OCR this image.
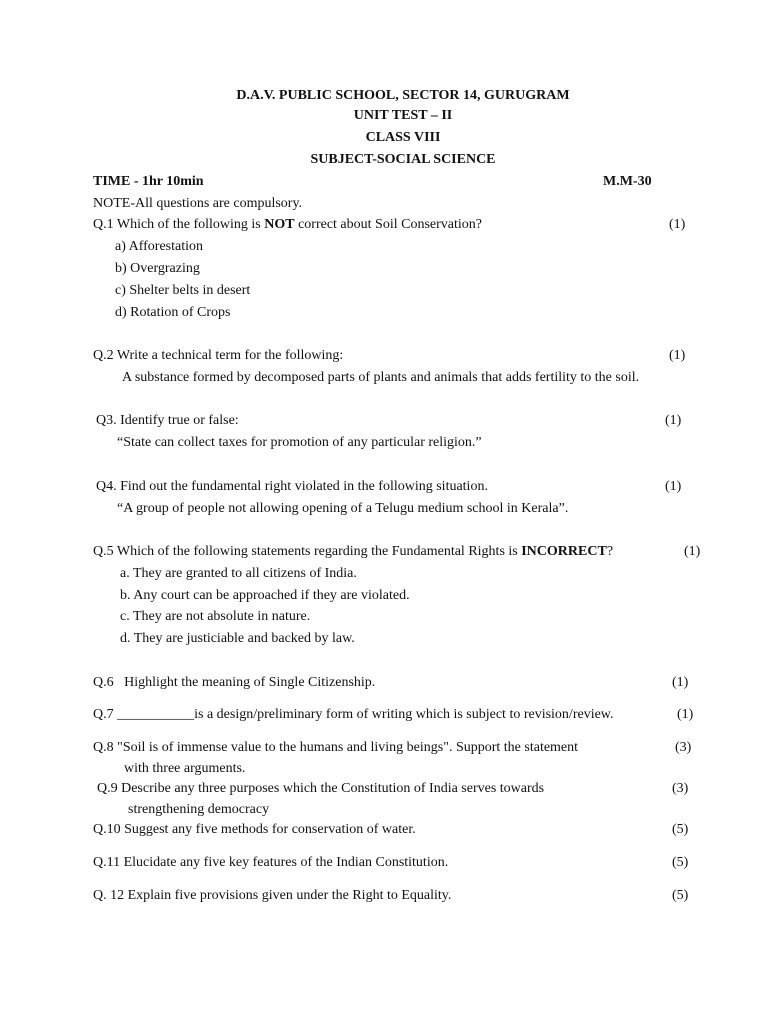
D.A.V. PUBLIC SCHOOL, SECTOR 14, GURUGRAM
UNIT TEST – II
CLASS VIII
SUBJECT-SOCIAL SCIENCE
TIME - 1hr 10min	M.M-30
NOTE-All questions are compulsory.
Q.1 Which of the following is NOT correct about Soil Conservation?	(1)
a) Afforestation
b) Overgrazing
c) Shelter belts in desert
d) Rotation of Crops
Q.2 Write a technical term for the following:	(1)
A substance formed by decomposed parts of plants and animals that adds fertility to the soil.
Q3. Identify true or false:	(1)
“State can collect taxes for promotion of any particular religion.”
Q4. Find out the fundamental right violated in the following situation.	(1)
“A group of people not allowing opening of a Telugu medium school in Kerala”.
Q.5 Which of the following statements regarding the Fundamental Rights is INCORRECT?	(1)
a. They are granted to all citizens of India.
b. Any court can be approached if they are violated.
c. They are not absolute in nature.
d. They are justiciable and backed by law.
Q.6   Highlight the meaning of Single Citizenship.	(1)
Q.7 ___________is a design/preliminary form of writing which is subject to revision/review.	(1)
Q.8 "Soil is of immense value to the humans and living beings". Support the statement	(3)
with three arguments.
Q.9 Describe any three purposes which the Constitution of India serves towards	(3)
strengthening democracy
Q.10 Suggest any five methods for conservation of water.	(5)
Q.11 Elucidate any five key features of the Indian Constitution.	(5)
Q. 12 Explain five provisions given under the Right to Equality.	(5)
